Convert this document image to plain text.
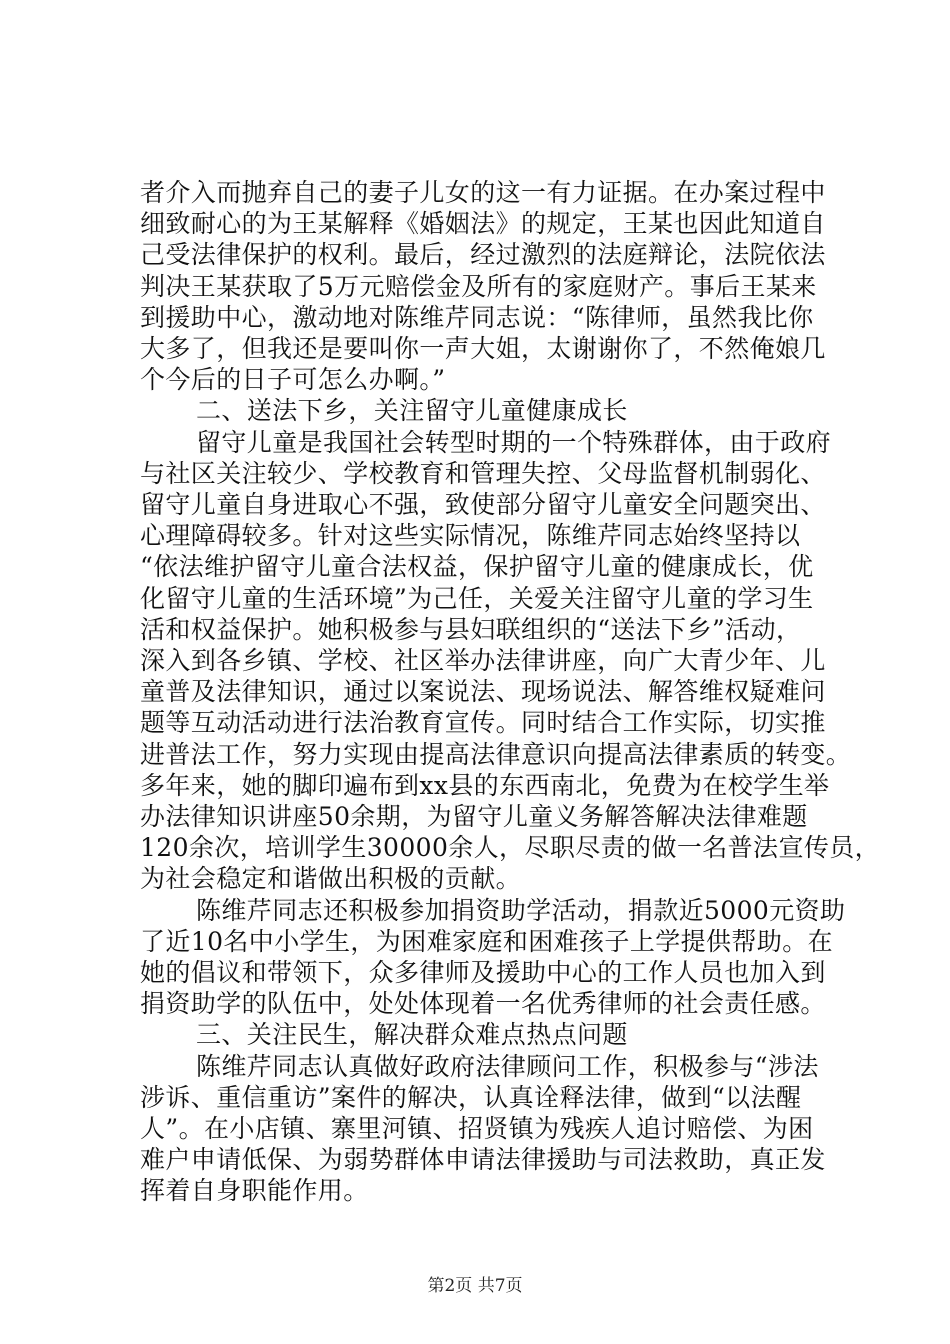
者介入而抛弃自己的妻子儿女的这一有力证据。在办案过程中
细致耐心的为王某解释《婚姻法》的规定，王某也因此知道自
己受法律保护的权利。最后，经过激烈的法庭辩论，法院依法
判决王某获取了5万元赔偿金及所有的家庭财产。事后王某来
到援助中心，激动地对陈维芹同志说：“陈律师，虽然我比你
大多了，但我还是要叫你一声大姐，太谢谢你了，不然俺娘几
个今后的日子可怎么办啊。”
二、送法下乡，关注留守儿童健康成长
留守儿童是我国社会转型时期的一个特殊群体，由于政府
与社区关注较少、学校教育和管理失控、父母监督机制弱化、
留守儿童自身进取心不强，致使部分留守儿童安全问题突出、
心理障碍较多。针对这些实际情况，陈维芹同志始终坚持以
“依法维护留守儿童合法权益，保护留守儿童的健康成长，优
化留守儿童的生活环境”为己任，关爱关注留守儿童的学习生
活和权益保护。她积极参与县妇联组织的“送法下乡”活动，
深入到各乡镇、学校、社区举办法律讲座，向广大青少年、儿
童普及法律知识，通过以案说法、现场说法、解答维权疑难问
题等互动活动进行法治教育宣传。同时结合工作实际，切实推
进普法工作，努力实现由提高法律意识向提高法律素质的转变。
多年来，她的脚印遍布到xx县的东西南北，免费为在校学生举
办法律知识讲座50余期，为留守儿童义务解答解决法律难题
120余次，培训学生30000余人，尽职尽责的做一名普法宣传员，
为社会稳定和谐做出积极的贡献。
陈维芹同志还积极参加捐资助学活动，捐款近5000元资助
了近10名中小学生，为困难家庭和困难孩子上学提供帮助。在
她的倡议和带领下，众多律师及援助中心的工作人员也加入到
捐资助学的队伍中，处处体现着一名优秀律师的社会责任感。
三、关注民生，解决群众难点热点问题
陈维芹同志认真做好政府法律顾问工作，积极参与“涉法
涉诉、重信重访”案件的解决，认真诠释法律，做到“以法醒
人”。在小店镇、寨里河镇、招贤镇为残疾人追讨赔偿、为困
难户申请低保、为弱势群体申请法律援助与司法救助，真正发
挥着自身职能作用。
第2页 共7页
